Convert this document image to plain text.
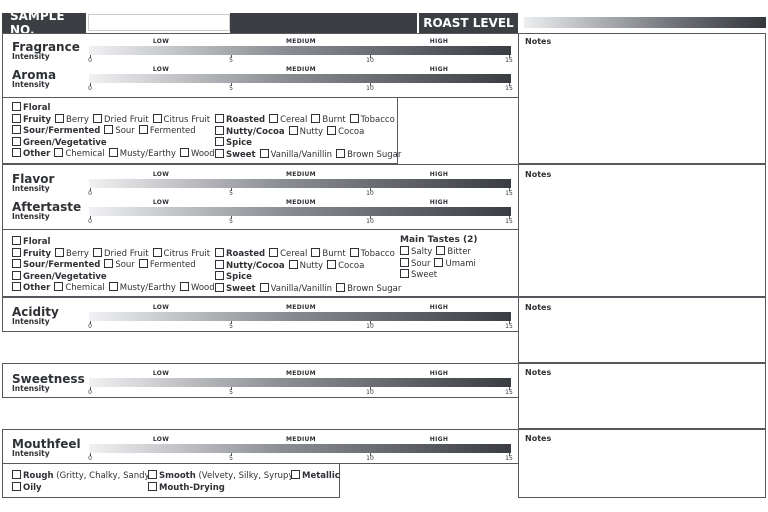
SAMPLE NO.	ROAST LEVEL
Notes
Notes
Notes
Notes
Notes
Fragrance
Intensity
Aroma
Intensity
Flavor
Intensity
Aftertaste
Intensity
Acidity
Intensity
Sweetness
Intensity
Mouthfeel
Intensity
LOW	MEDIUM	HIGH
0	5	10	15
LOW	MEDIUM	HIGH
0	5	10	15
LOW	MEDIUM	HIGH
0	5	10	15
LOW	MEDIUM	HIGH
0	5	10	15
LOW	MEDIUM	HIGH
0	5	10	15
LOW	MEDIUM	HIGH
0	5	10	15
LOW	MEDIUM	HIGH
0	5	10	15
Floral
Fruity Berry Dried Fruit Citrus Fruit
Sour/Fermented Sour Fermented
Green/Vegetative
Other Chemical Musty/Earthy Woody
Roasted Cereal Burnt Tobacco
Nutty/Cocoa Nutty Cocoa
Spice
Sweet Vanilla/Vanillin Brown Sugar
Floral
Fruity Berry Dried Fruit Citrus Fruit
Sour/Fermented Sour Fermented
Green/Vegetative
Other Chemical Musty/Earthy Woody
Roasted Cereal Burnt Tobacco
Nutty/Cocoa Nutty Cocoa
Spice
Sweet Vanilla/Vanillin Brown Sugar
Main Tastes (2)
Salty Bitter
Sour Umami
Sweet
Rough (Gritty, Chalky, Sandy)
Oily
Smooth (Velvety, Silky, Syrupy)
Mouth-Drying
Metallic
